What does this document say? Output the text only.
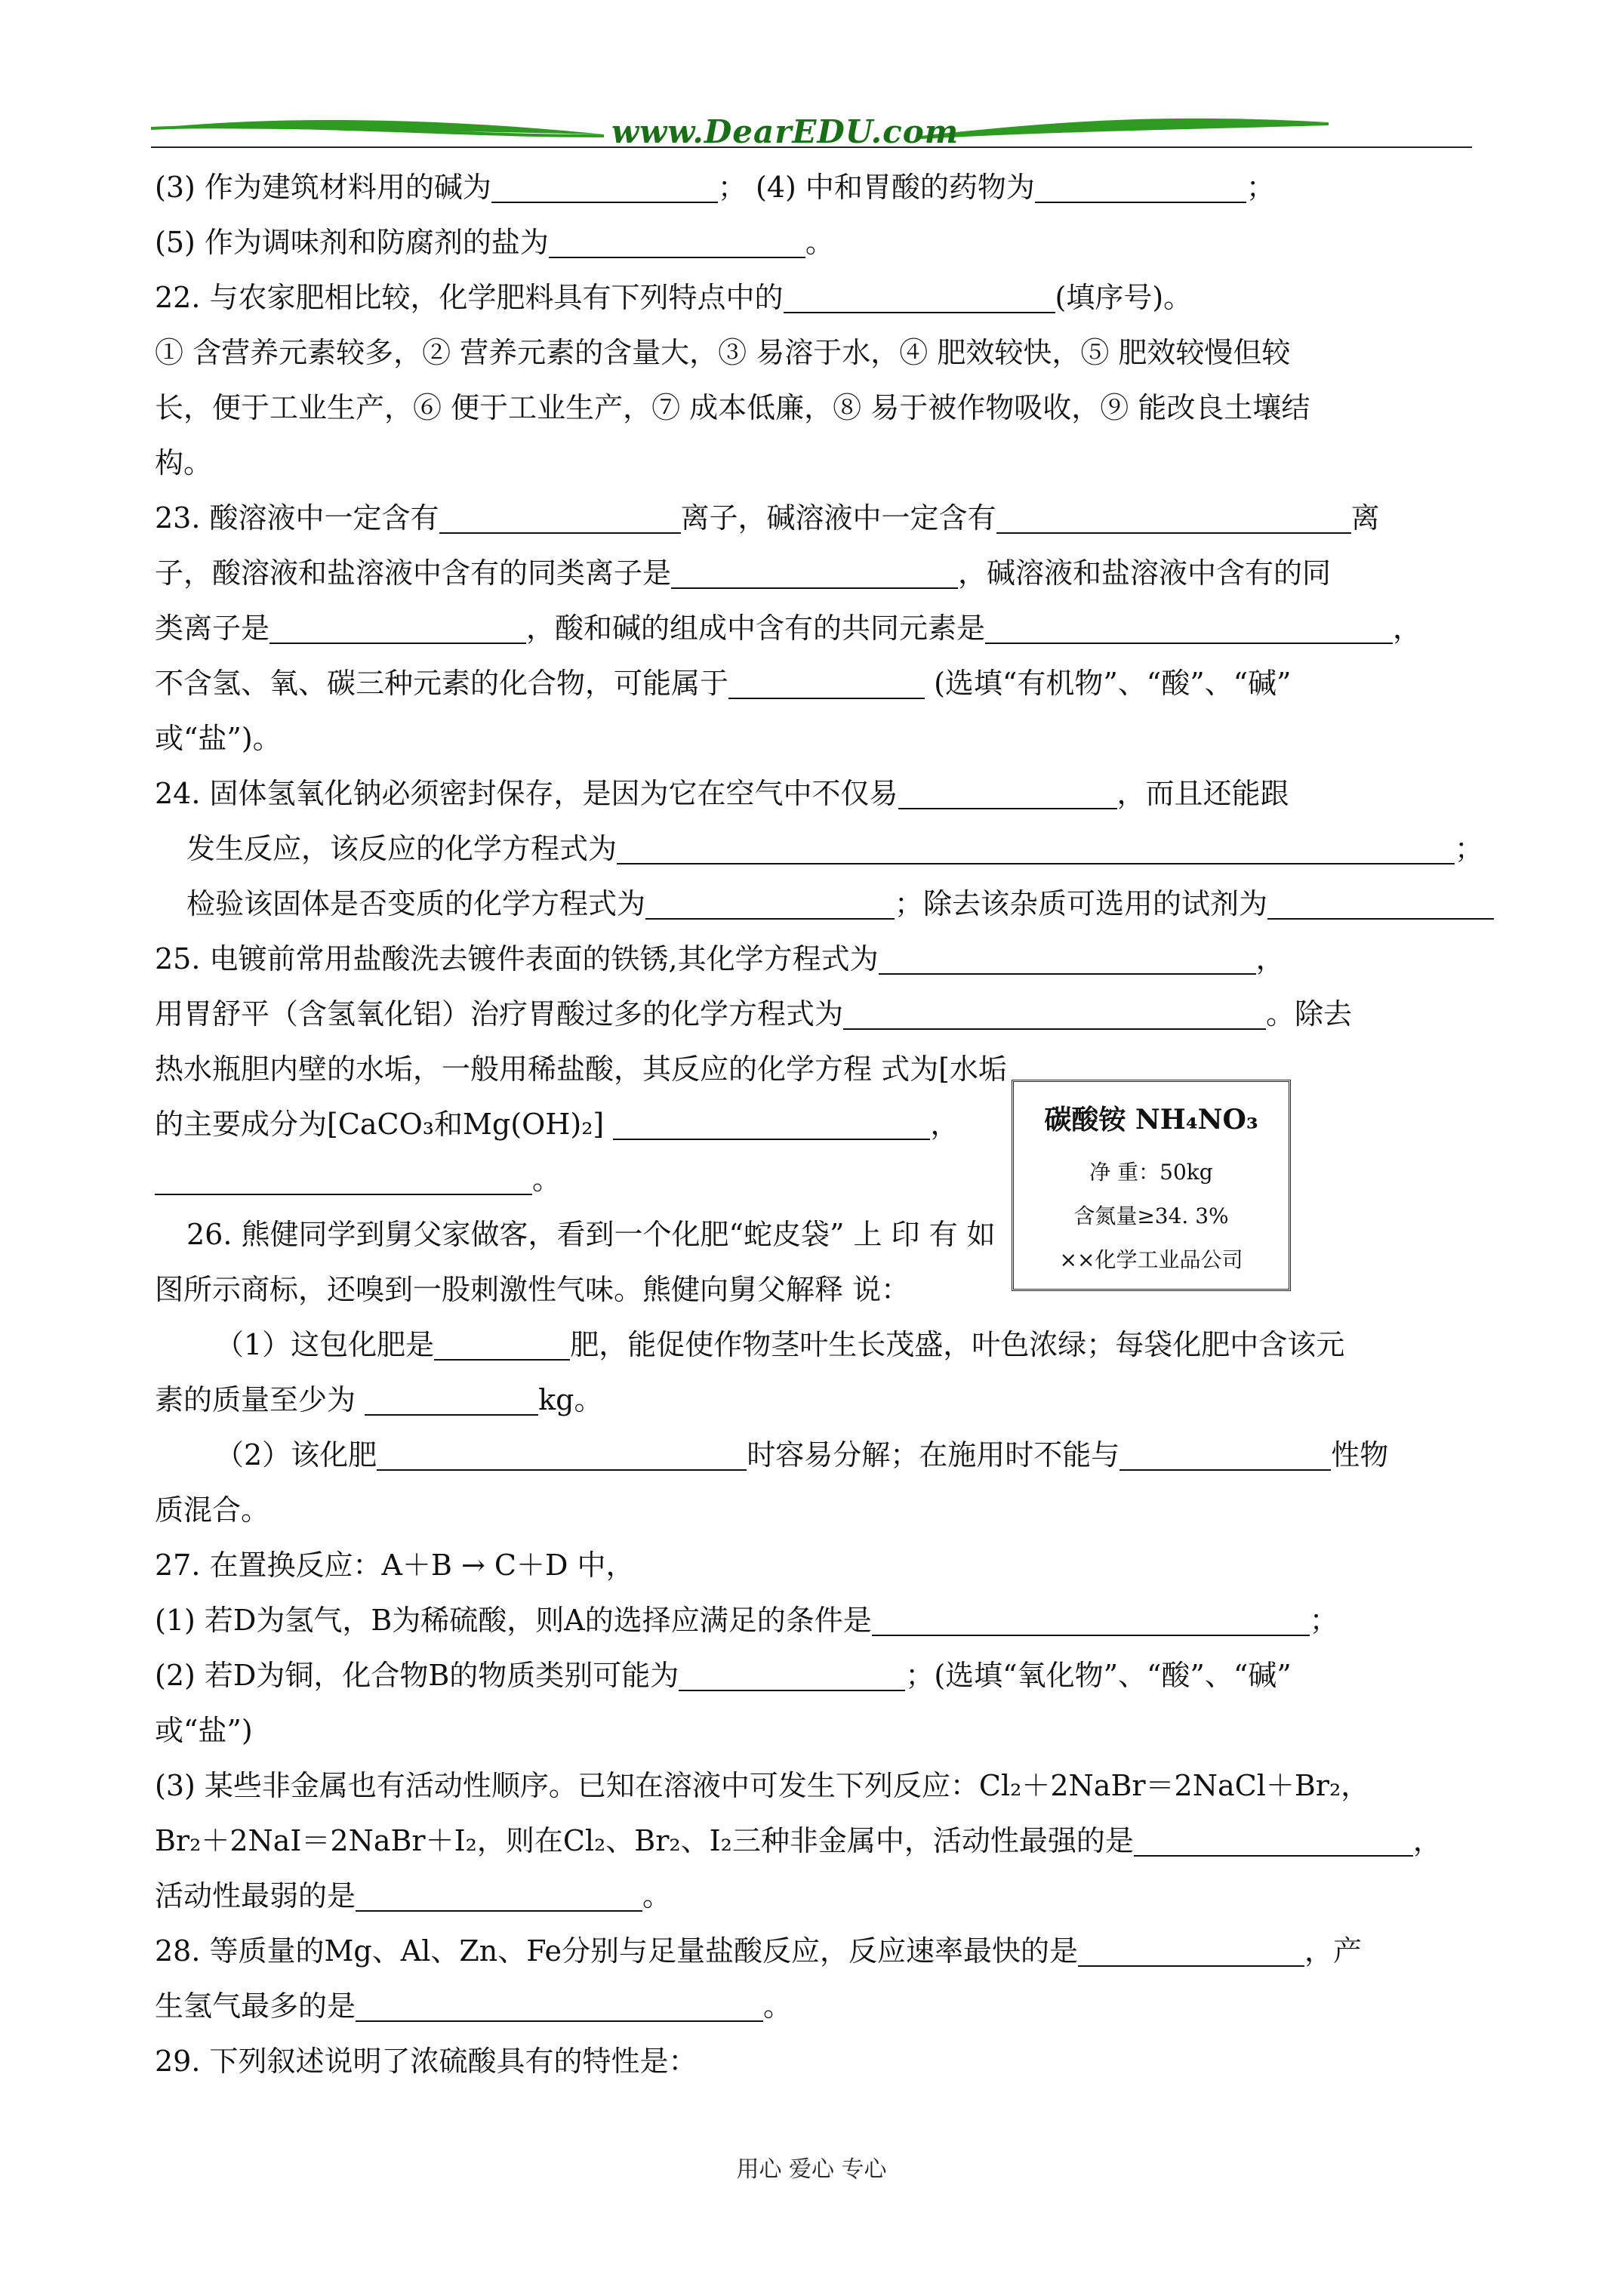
www.DearEDU.com
(3) 作为建筑材料用的碱为	； (4) 中和胃酸的药物为	；
(5) 作为调味剂和防腐剂的盐为	。
22. 与农家肥相比较，化学肥料具有下列特点中的	(填序号)。
① 含营养元素较多，② 营养元素的含量大，③ 易溶于水，④ 肥效较快，⑤ 肥效较慢但较
长，便于工业生产，⑥ 便于工业生产，⑦ 成本低廉，⑧ 易于被作物吸收，⑨ 能改良土壤结
构。
23. 酸溶液中一定含有	离子，碱溶液中一定含有	离
子，酸溶液和盐溶液中含有的同类离子是	，碱溶液和盐溶液中含有的同
类离子是	，酸和碱的组成中含有的共同元素是	，
不含氢、氧、碳三种元素的化合物，可能属于	(选填“有机物”、“酸”、“碱”
或“盐”)。
24. 固体氢氧化钠必须密封保存，是因为它在空气中不仅易	，而且还能跟
发生反应，该反应的化学方程式为	；
检验该固体是否变质的化学方程式为	；除去该杂质可选用的试剂为
25. 电镀前常用盐酸洗去镀件表面的铁锈,其化学方程式为	，
用胃舒平（含氢氧化铝）治疗胃酸过多的化学方程式为	。除去
热水瓶胆内壁的水垢，一般用稀盐酸，其反应的化学方程 式为[水垢
的主要成分为[CaCO₃和Mg(OH)₂]	，
。
26. 熊健同学到舅父家做客，看到一个化肥“蛇皮袋” 上 印 有 如
图所示商标，还嗅到一股刺激性气味。熊健向舅父解释 说：
（1）这包化肥是	肥，能促使作物茎叶生长茂盛，叶色浓绿；每袋化肥中含该元
素的质量至少为	kg。
（2）该化肥	时容易分解；在施用时不能与	性物
质混合。
27. 在置换反应：A＋B → C＋D 中，
(1) 若D为氢气，B为稀硫酸，则A的选择应满足的条件是	；
(2) 若D为铜，化合物B的物质类别可能为	；(选填“氧化物”、“酸”、“碱”
或“盐”)
(3) 某些非金属也有活动性顺序。已知在溶液中可发生下列反应：Cl₂＋2NaBr＝2NaCl＋Br₂，
Br₂＋2NaI＝2NaBr＋I₂，则在Cl₂、Br₂、I₂三种非金属中，活动性最强的是	，
活动性最弱的是	。
28. 等质量的Mg、Al、Zn、Fe分别与足量盐酸反应，反应速率最快的是	，产
生氢气最多的是	。
29. 下列叙述说明了浓硫酸具有的特性是：
碳酸铵 NH₄NO₃
净 重：50kg
含氮量≥34. 3%
××化学工业品公司
用心 爱心 专心
